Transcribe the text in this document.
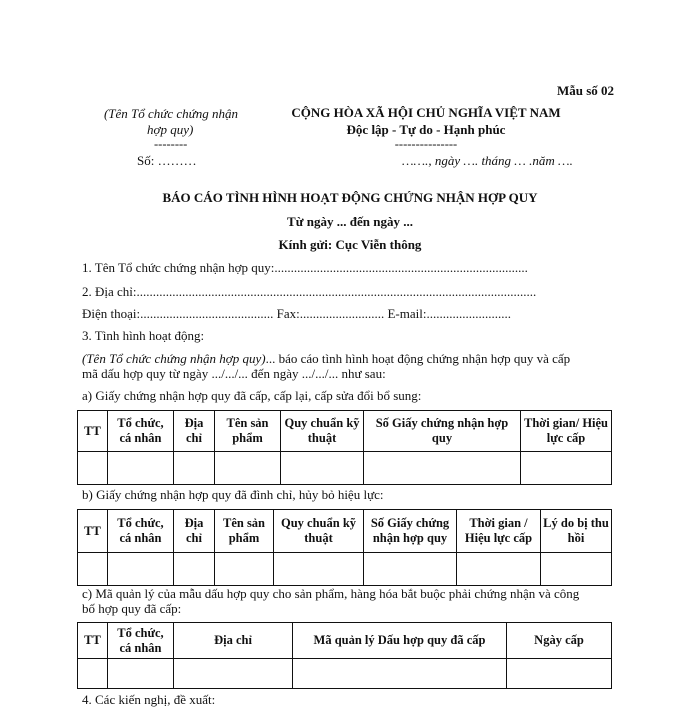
Mẫu số 02
(Tên Tổ chức chứng nhận
hợp quy)
--------
Số: ………
CỘNG HÒA XÃ HỘI CHỦ NGHĨA VIỆT NAM
Độc lập - Tự do - Hạnh phúc
---------------
……., ngày …. tháng … .năm ….
BÁO CÁO TÌNH HÌNH HOẠT ĐỘNG CHỨNG NHẬN HỢP QUY
Từ ngày ... đến ngày ...
Kính gửi: Cục Viễn thông
1. Tên Tổ chức chứng nhận hợp quy:..............................................................................
2. Địa chỉ:...........................................................................................................................
Điện thoại:......................................... Fax:.......................... E-mail:..........................
3. Tình hình hoạt động:
(Tên Tổ chức chứng nhận hợp quy)... báo cáo tình hình hoạt động chứng nhận hợp quy và cấp
mã dấu hợp quy từ ngày .../.../... đến ngày .../.../... như sau:
a) Giấy chứng nhận hợp quy đã cấp, cấp lại, cấp sửa đổi bổ sung:
TT	Tổ chức, cá nhân	Địa chỉ	Tên sản phẩm	Quy chuẩn kỹ thuật	Số Giấy chứng nhận hợp quy	Thời gian/ Hiệu lực cấp

b) Giấy chứng nhận hợp quy đã đình chỉ, hủy bỏ hiệu lực:
TT	Tổ chức, cá nhân	Địa chỉ	Tên sản phẩm	Quy chuẩn kỹ thuật	Số Giấy chứng nhận hợp quy	Thời gian / Hiệu lực cấp	Lý do bị thu hồi

c) Mã quản lý của mẫu dấu hợp quy cho sản phẩm, hàng hóa bắt buộc phải chứng nhận và công
bố hợp quy đã cấp:
TT	Tổ chức, cá nhân	Địa chỉ	Mã quản lý Dấu hợp quy đã cấp	Ngày cấp

4. Các kiến nghị, đề xuất:
